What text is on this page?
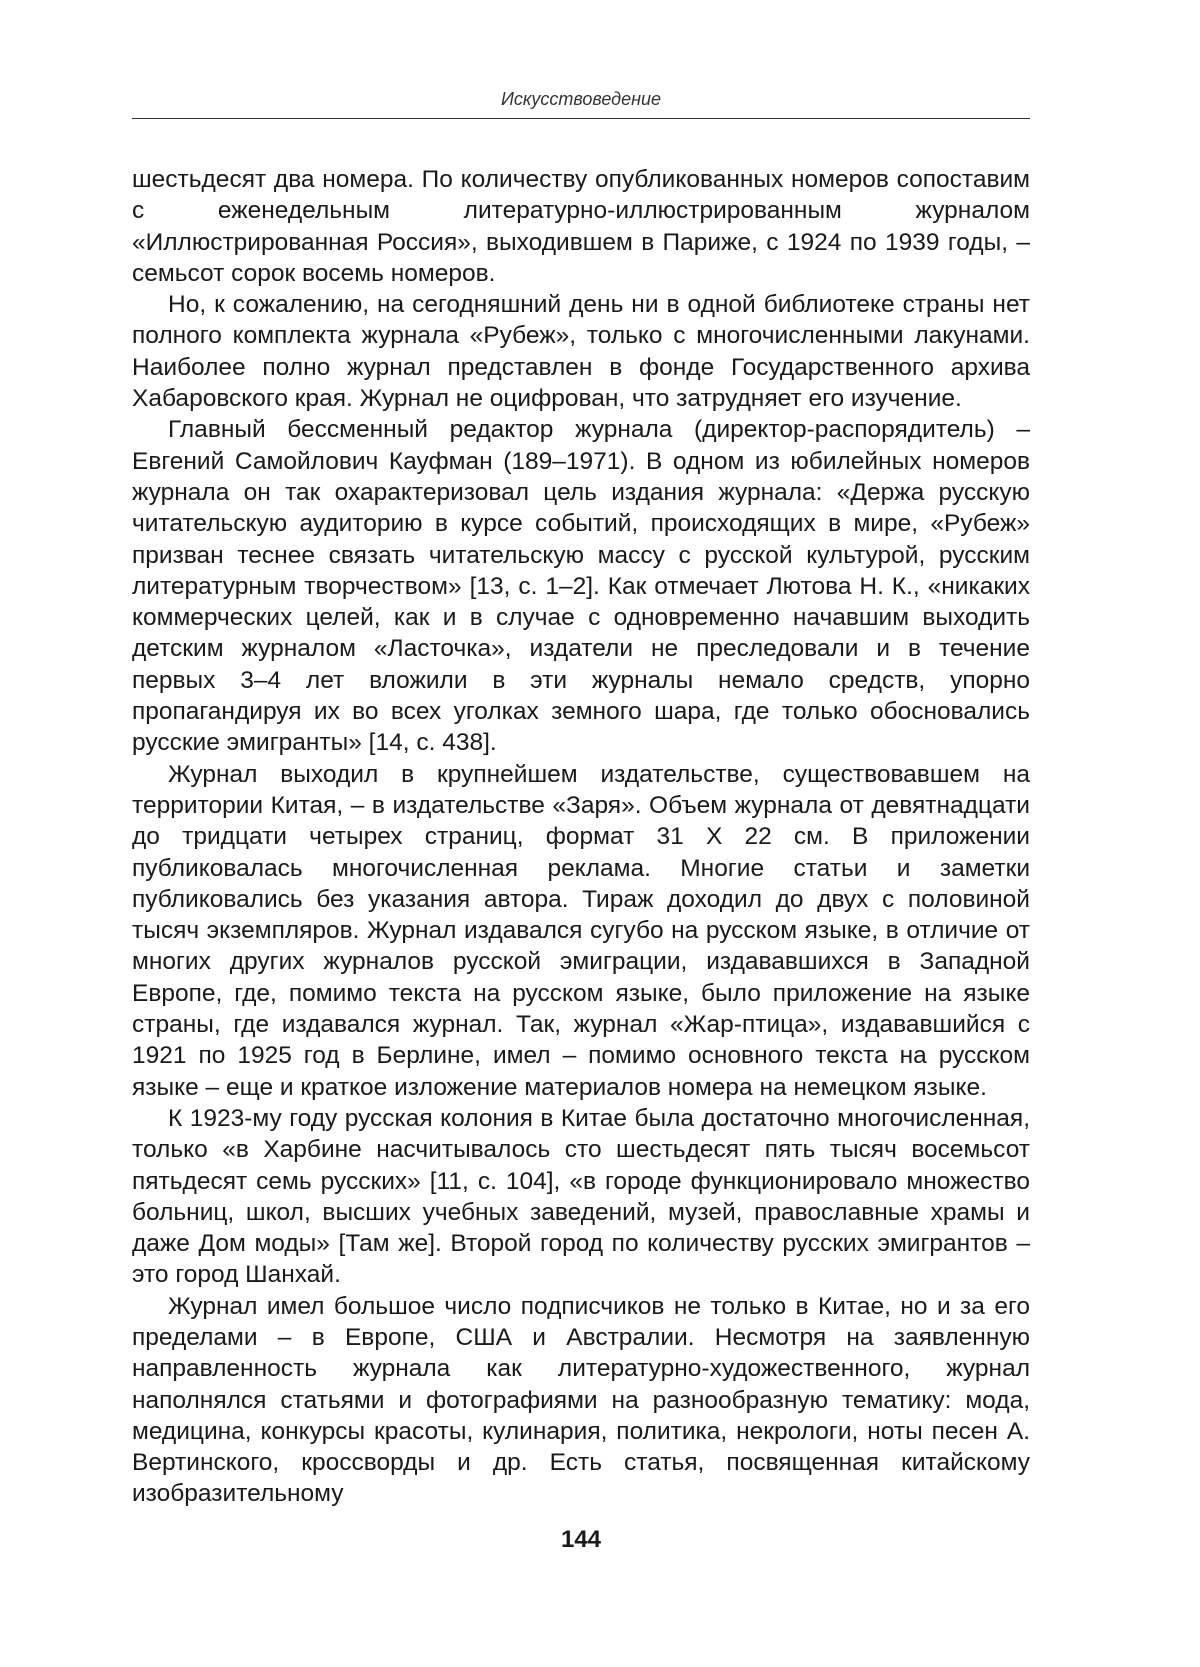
Искусствоведение

шестьдесят два номера. По количеству опубликованных номеров сопоставим с еженедельным литературно-иллюстрированным журналом «Иллюстрированная Россия», выходившем в Париже, с 1924 по 1939 годы, – семьсот сорок восемь номеров.

Но, к сожалению, на сегодняшний день ни в одной библиотеке страны нет полного комплекта журнала «Рубеж», только с многочисленными лакунами. Наиболее полно журнал представлен в фонде Государственного архива Хабаровского края. Журнал не оцифрован, что затрудняет его изучение.

Главный бессменный редактор журнала (директор-распорядитель) – Евгений Самойлович Кауфман (189–1971). В одном из юбилейных номеров журнала он так охарактеризовал цель издания журнала: «Держа русскую читательскую аудиторию в курсе событий, происходящих в мире, «Рубеж» призван теснее связать читательскую массу с русской культурой, русским литературным творчеством» [13, с. 1–2]. Как отмечает Лютова Н. К., «никаких коммерческих целей, как и в случае с одновременно начавшим выходить детским журналом «Ласточка», издатели не преследовали и в течение первых 3–4 лет вложили в эти журналы немало средств, упорно пропагандируя их во всех уголках земного шара, где только обосновались русские эмигранты» [14, с. 438].

Журнал выходил в крупнейшем издательстве, существовавшем на территории Китая, – в издательстве «Заря». Объем журнала от девятнадцати до тридцати четырех страниц, формат 31 Х 22 см. В приложении публиковалась многочисленная реклама. Многие статьи и заметки публиковались без указания автора. Тираж доходил до двух с половиной тысяч экземпляров. Журнал издавался сугубо на русском языке, в отличие от многих других журналов русской эмиграции, издававшихся в Западной Европе, где, помимо текста на русском языке, было приложение на языке страны, где издавался журнал. Так, журнал «Жар-птица», издававшийся с 1921 по 1925 год в Берлине, имел – помимо основного текста на русском языке – еще и краткое изложение материалов номера на немецком языке.

К 1923-му году русская колония в Китае была достаточно многочисленная, только «в Харбине насчитывалось сто шестьдесят пять тысяч восемьсот пятьдесят семь русских» [11, с. 104], «в городе функционировало множество больниц, школ, высших учебных заведений, музей, православные храмы и даже Дом моды» [Там же]. Второй город по количеству русских эмигрантов – это город Шанхай.

Журнал имел большое число подписчиков не только в Китае, но и за его пределами – в Европе, США и Австралии. Несмотря на заявленную направленность журнала как литературно-художественного, журнал наполнялся статьями и фотографиями на разнообразную тематику: мода, медицина, конкурсы красоты, кулинария, политика, некрологи, ноты песен А. Вертинского, кроссворды и др. Есть статья, посвященная китайскому изобразительному

144
